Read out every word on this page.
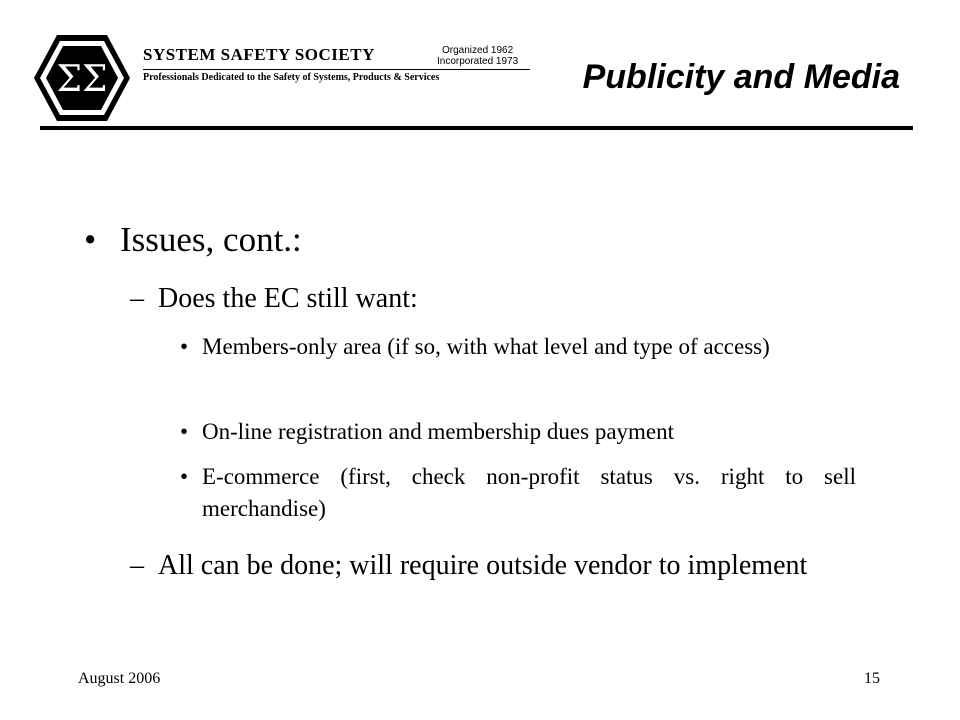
ΣΣ
SYSTEM SAFETY SOCIETY
Professionals Dedicated to the Safety of Systems, Products & Services
Organized 1962
Incorporated 1973 Publicity and Media
• Issues, cont.:
– Does the EC still want:
• Members-only area (if so, with what level and type of access)
• On-line registration and membership dues payment
• E-commerce (first, check non-profit status vs. right to sell merchandise)
– All can be done; will require outside vendor to implement
August 2006	15
